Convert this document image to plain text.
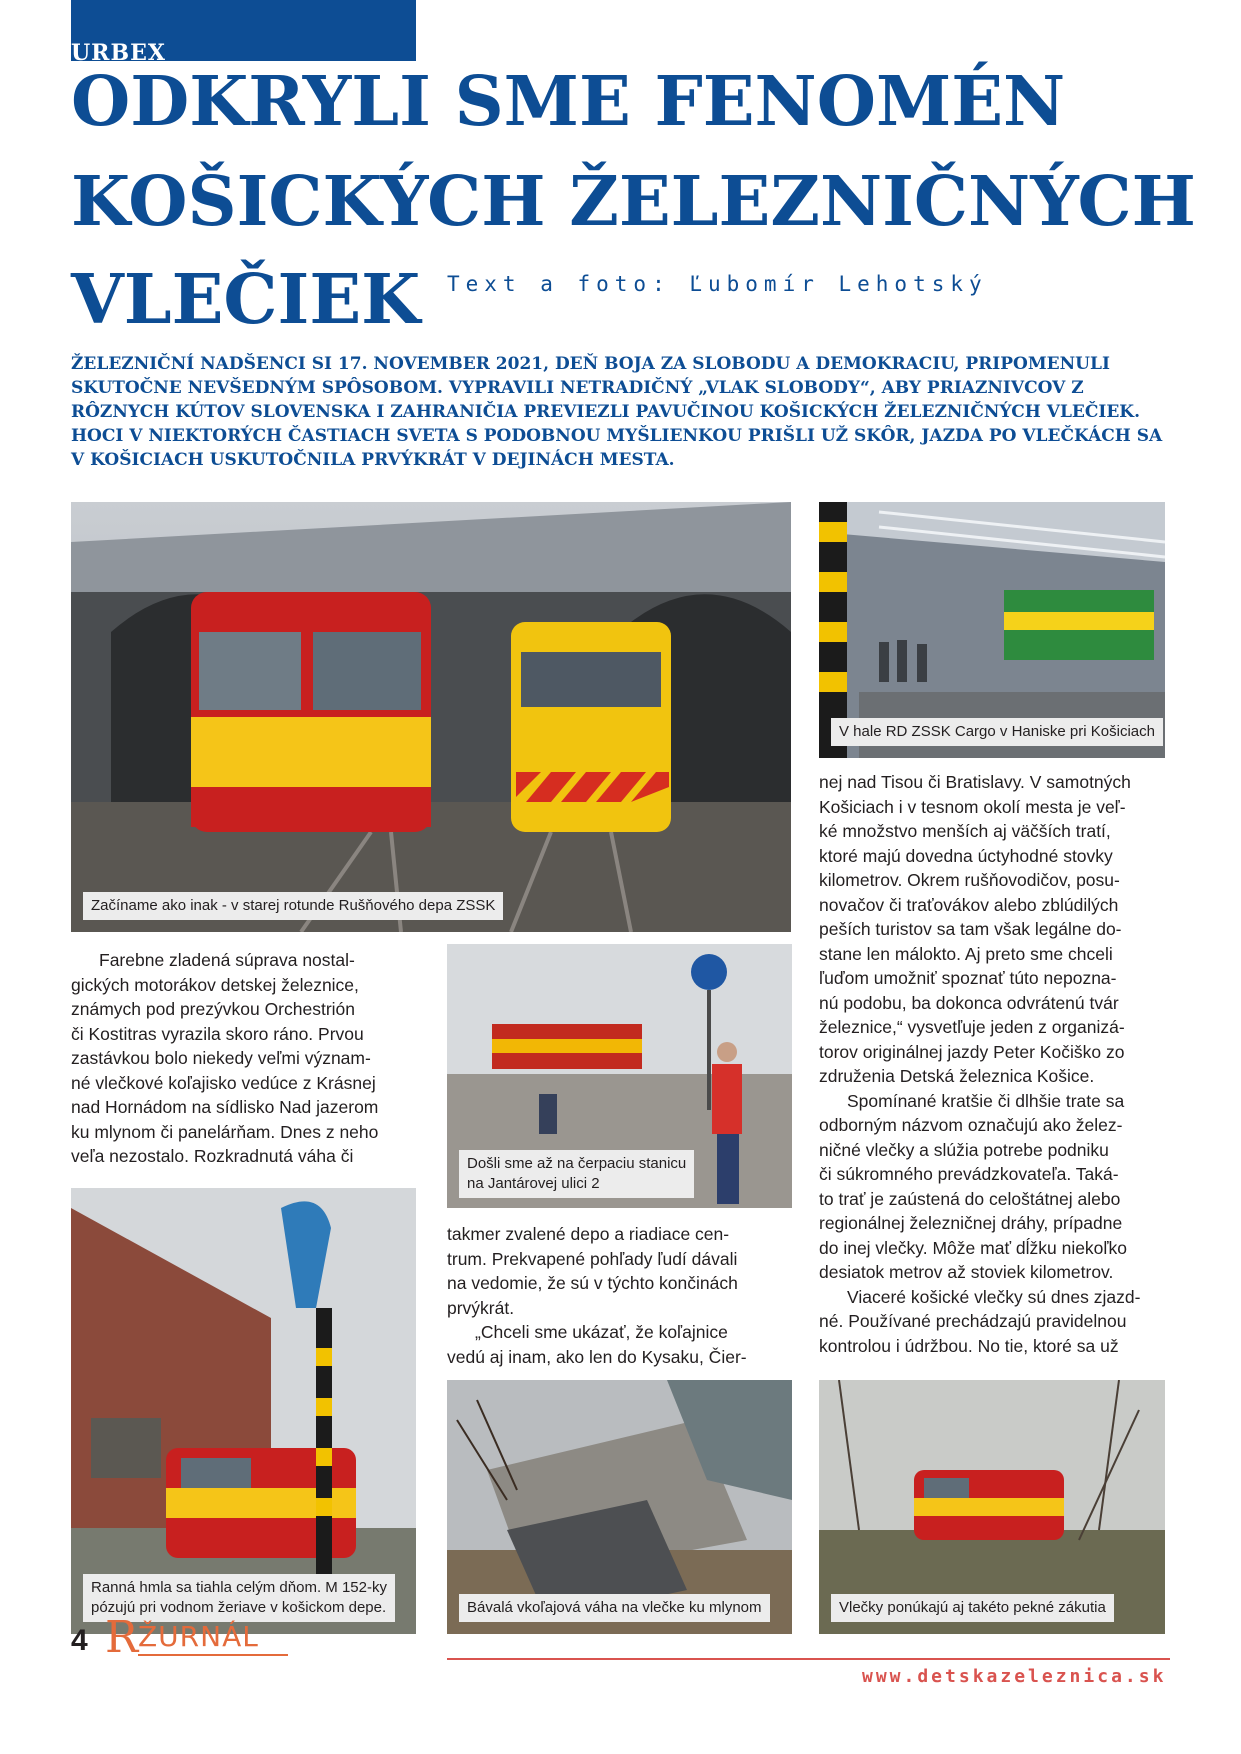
URBEX
ODKRYLI SME FENOMÉN
KOŠICKÝCH ŽELEZNIČNÝCH
VLEČIEK Text a foto: Ľubomír Lehotský
ŽELEZNIČNÍ NADŠENCI SI 17. NOVEMBER 2021, DEŇ BOJA ZA SLOBODU A DEMOKRACIU, PRIPOMENULI
SKUTOČNE NEVŠEDNÝM SPÔSOBOM. VYPRAVILI NETRADIČNÝ „VLAK SLOBODY“, ABY PRIAZNIVCOV Z
RÔZNYCH KÚTOV SLOVENSKA I ZAHRANIČIA PREVIEZLI PAVUČINOU KOŠICKÝCH ŽELEZNIČNÝCH VLEČIEK.
HOCI V NIEKTORÝCH ČASTIACH SVETA S PODOBNOU MYŠLIENKOU PRIŠLI UŽ SKÔR, JAZDA PO VLEČKÁCH SA
V KOŠICIACH USKUTOČNILA PRVÝKRÁT V DEJINÁCH MESTA.
Začíname ako inak - v starej rotunde Rušňového depa ZSSK
V hale RD ZSSK Cargo v Haniske pri Košiciach
Došli sme až na čerpaciu stanicu
na Jantárovej ulici 2
Ranná hmla sa tiahla celým dňom. M 152-ky
pózujú pri vodnom žeriave v košickom depe.	Bávalá vkoľajová váha na vlečke ku mlynom	Vlečky ponúkajú aj takéto pekné zákutia
Farebne zladená súprava nostal-
gických motorákov detskej železnice,
známych pod prezývkou Orchestrión
či Kostitras vyrazila skoro ráno. Prvou
zastávkou bolo niekedy veľmi význam-
né vlečkové koľajisko vedúce z Krásnej
nad Hornádom na sídlisko Nad jazerom
ku mlynom či panelárňam. Dnes z neho
veľa nezostalo. Rozkradnutá váha či
takmer zvalené depo a riadiace cen-
trum. Prekvapené pohľady ľudí dávali
na vedomie, že sú v týchto končinách
prvýkrát.
„Chceli sme ukázať, že koľajnice
vedú aj inam, ako len do Kysaku, Čier-
nej nad Tisou či Bratislavy. V samotných
Košiciach i v tesnom okolí mesta je veľ-
ké množstvo menších aj väčších tratí,
ktoré majú dovedna úctyhodné stovky
kilometrov. Okrem rušňovodičov, posu-
novačov či traťovákov alebo zblúdilých
peších turistov sa tam však legálne do-
stane len málokto. Aj preto sme chceli
ľuďom umožniť spoznať túto nepozna-
nú podobu, ba dokonca odvrátenú tvár
železnice,“ vysvetľuje jeden z organizá-
torov originálnej jazdy Peter Kočiško zo
združenia Detská železnica Košice.
Spomínané kratšie či dlhšie trate sa
odborným názvom označujú ako želez-
ničné vlečky a slúžia potrebe podniku
či súkromného prevádzkovateľa. Taká-
to trať je zaústená do celoštátnej alebo
regionálnej železničnej dráhy, prípadne
do inej vlečky. Môže mať dĺžku niekoľko
desiatok metrov až stoviek kilometrov.
Viaceré košické vlečky sú dnes zjazd-
né. Používané prechádzajú pravidelnou
kontrolou i údržbou. No tie, ktoré sa už
4 R ŽURNÁL
www.detskazeleznica.sk
